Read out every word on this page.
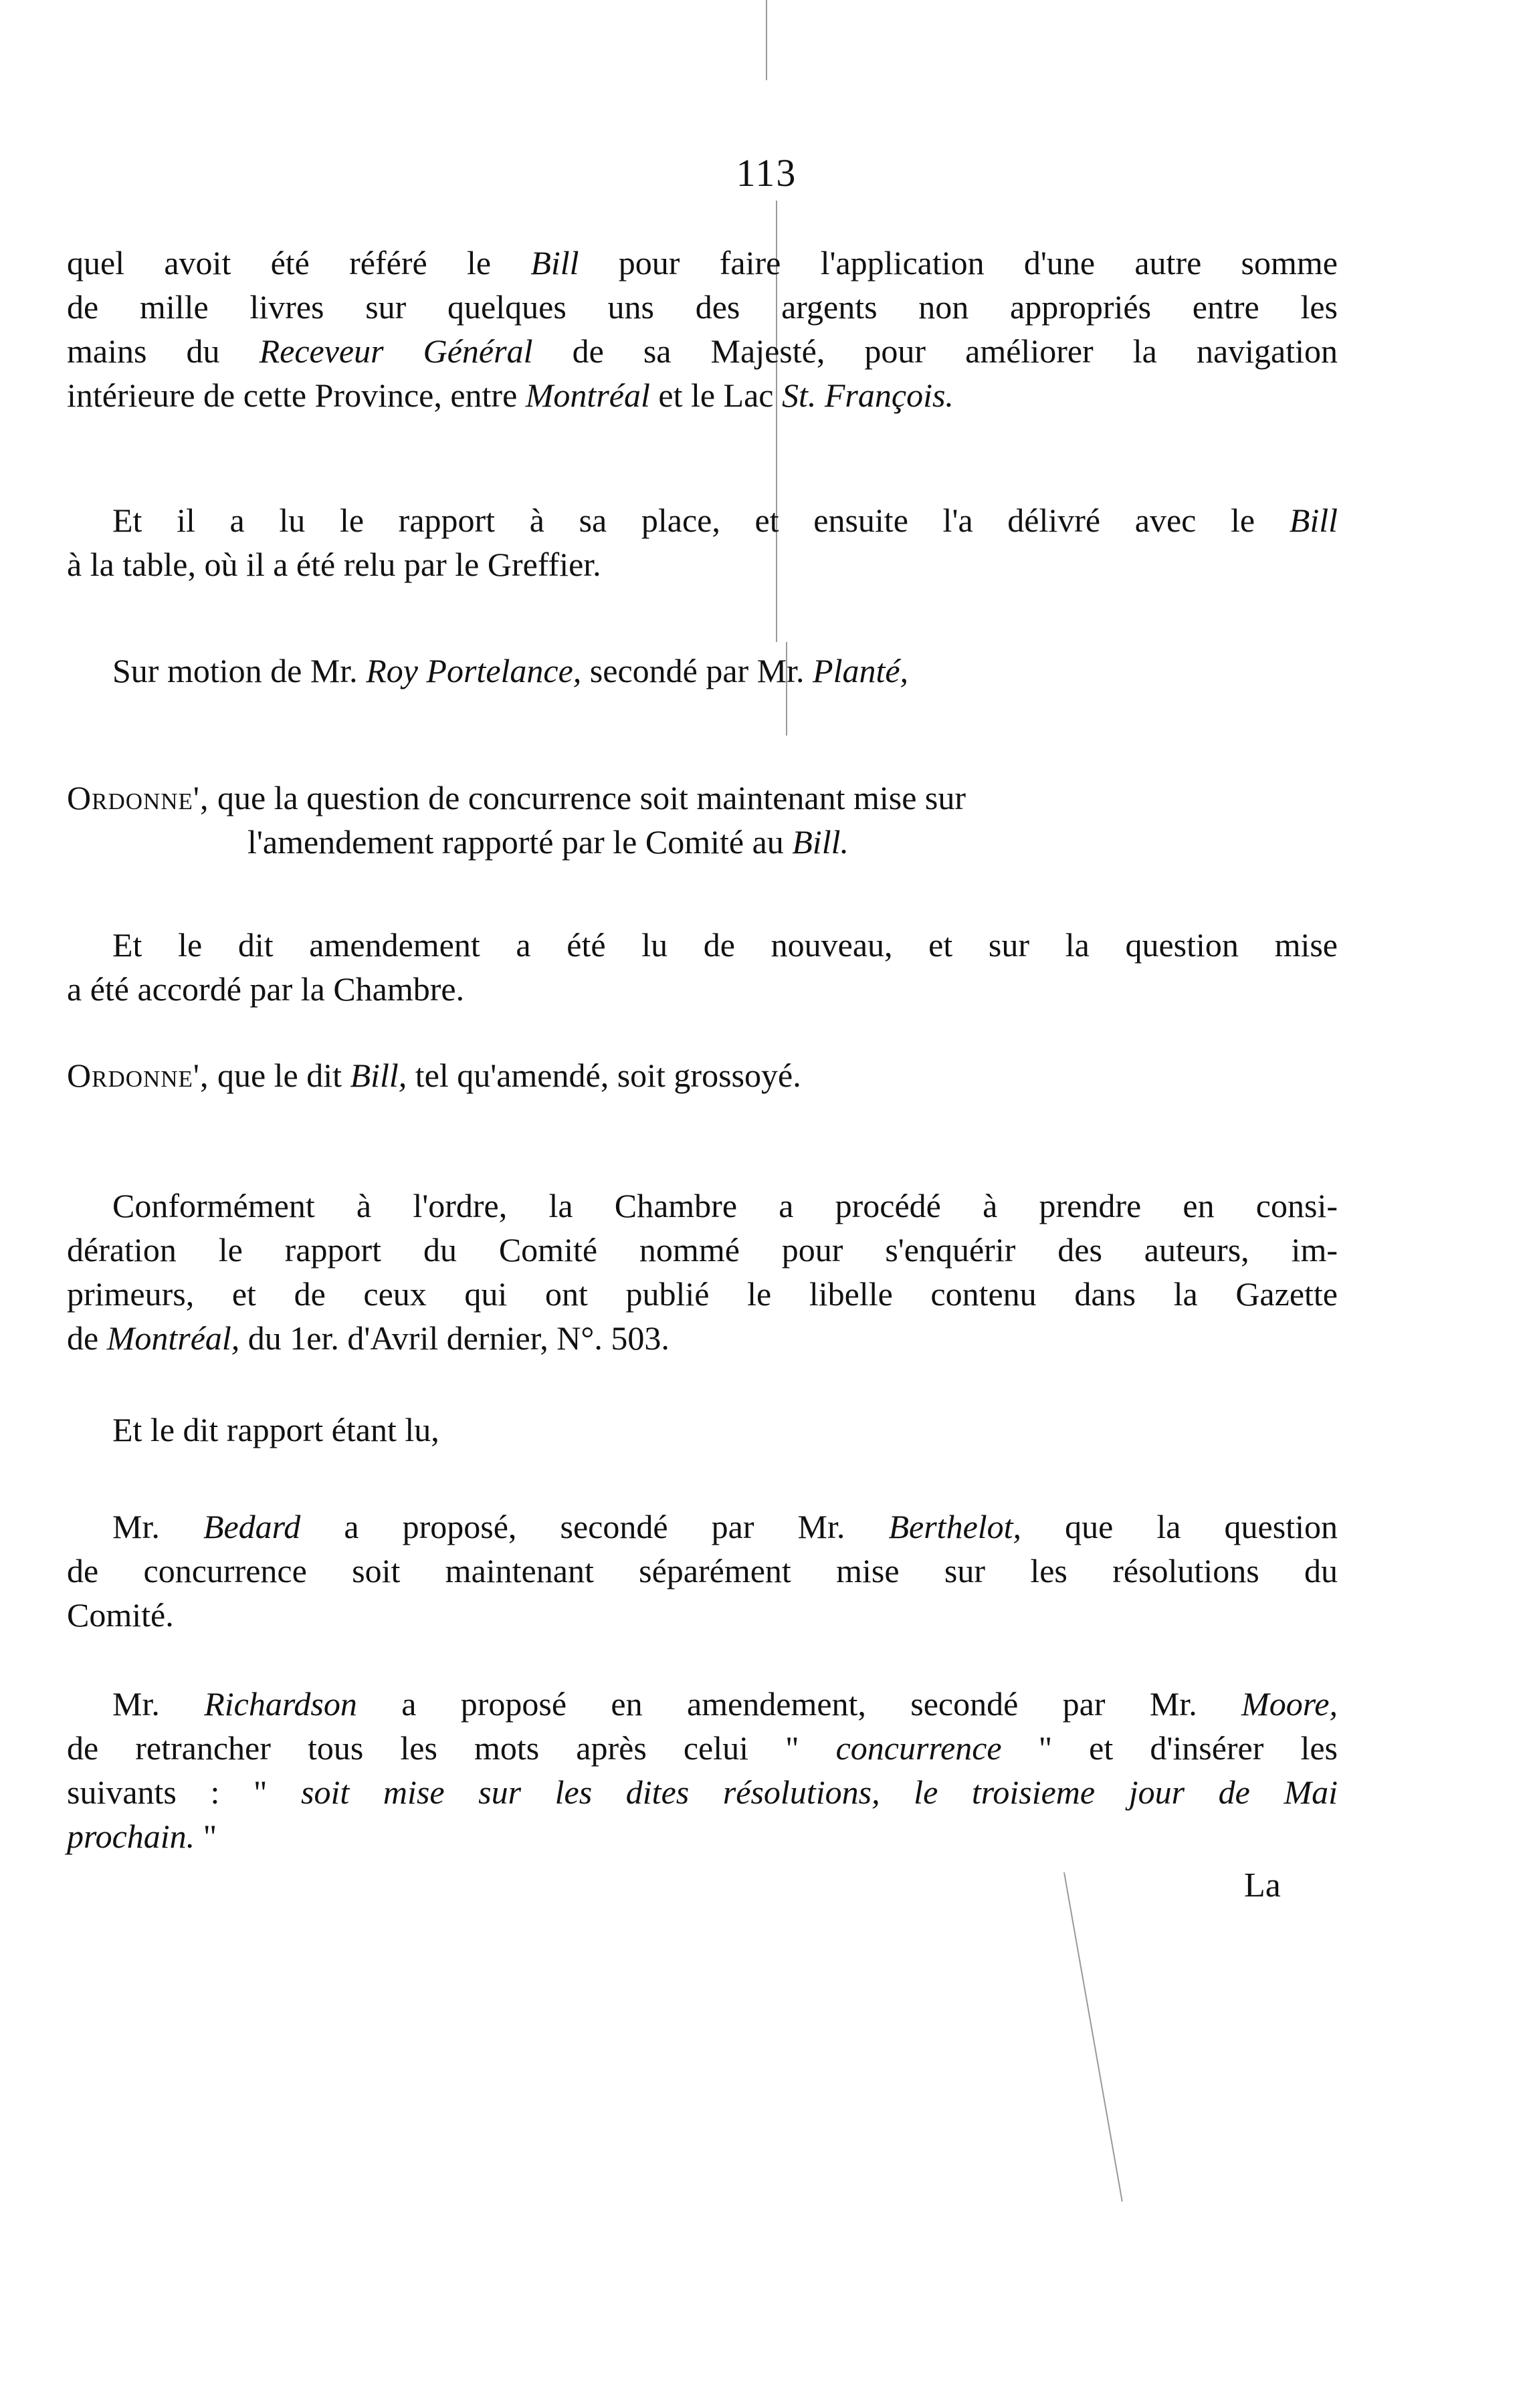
113

quel avoit été référé le Bill pour faire l'application d'une autre somme

de mille livres sur quelques uns des argents non appropriés entre les

mains du Receveur Général de sa Majesté, pour améliorer la navigation

intérieure de cette Province, entre Montréal et le Lac St. François.

Et il a lu le rapport à sa place, et ensuite l'a délivré avec le Bill

à la table, où il a été relu par le Greffier.

Sur motion de Mr. Roy Portelance, secondé par Mr. Planté,

Ordonne', que la question de concurrence soit maintenant mise sur
l'amendement rapporté par le Comité au Bill.

Et le dit amendement a été lu de nouveau, et sur la question mise

a été accordé par la Chambre.

Ordonne', que le dit Bill, tel qu'amendé, soit grossoyé.

Conformément à l'ordre, la Chambre a procédé à prendre en consi-

dération le rapport du Comité nommé pour s'enquérir des auteurs, im-

primeurs, et de ceux qui ont publié le libelle contenu dans la Gazette

de Montréal, du 1er. d'Avril dernier, N°. 503.

Et le dit rapport étant lu,

Mr. Bedard a proposé, secondé par Mr. Berthelot, que la question

de concurrence soit maintenant séparément mise sur les résolutions du

Comité.

Mr. Richardson a proposé en amendement, secondé par Mr. Moore,

de retrancher tous les mots après celui " concurrence " et d'insérer les

suivants : " soit mise sur les dites résolutions, le troisieme jour de Mai

prochain. "

La
